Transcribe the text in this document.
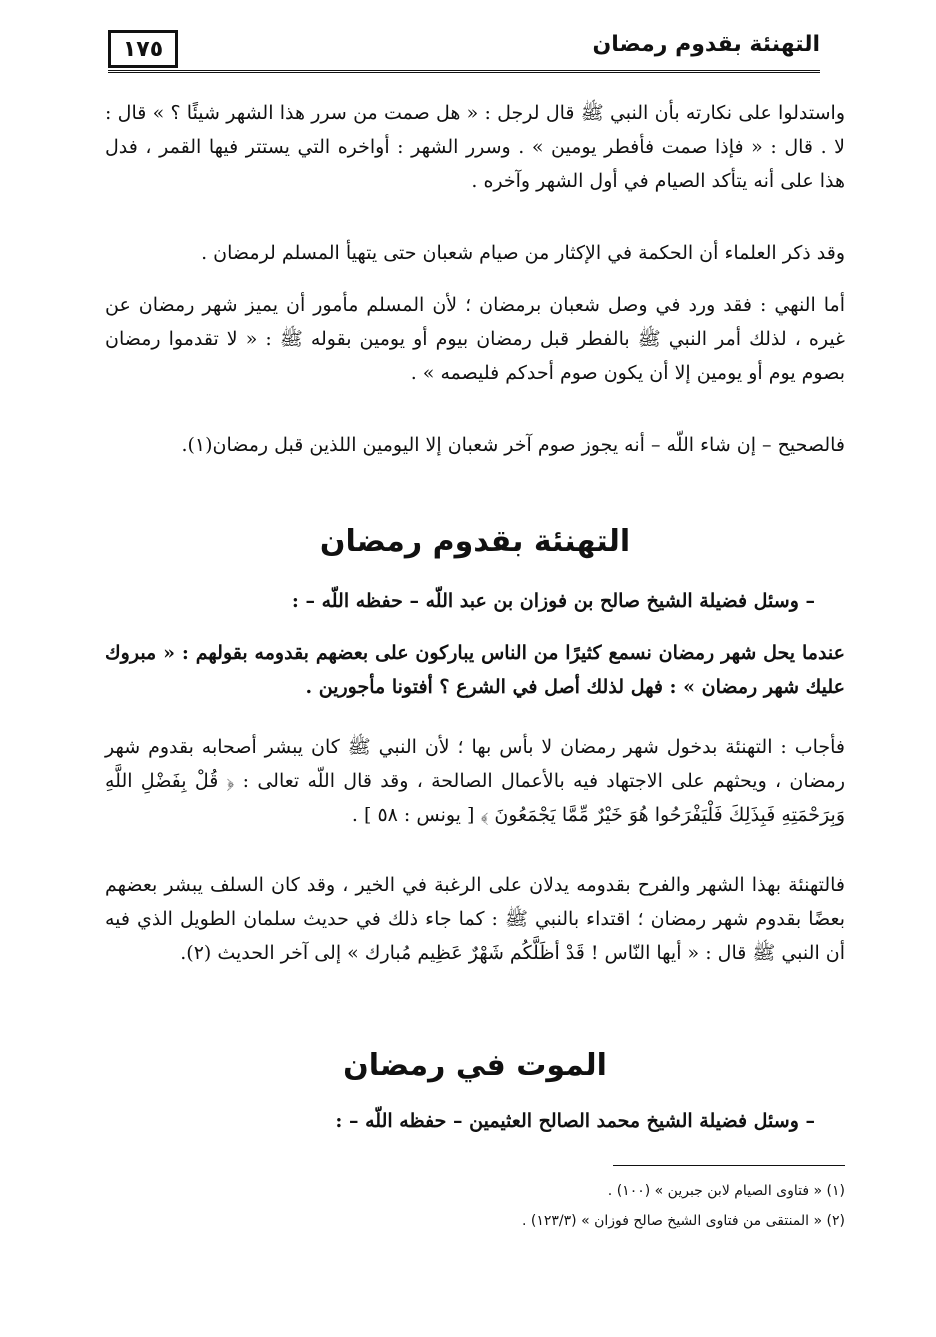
١٧٥	التهنئة بقدوم رمضان

واستدلوا على نكارته بأن النبي ﷺ قال لرجل : « هل صمت من سرر هذا الشهر شيئًا ؟ » قال : لا . قال : « فإذا صمت فأفطر يومين » . وسرر الشهر : أواخره التي يستتر فيها القمر ، فدل هذا على أنه يتأكد الصيام في أول الشهر وآخره .

وقد ذكر العلماء أن الحكمة في الإكثار من صيام شعبان حتى يتهيأ المسلم لرمضان .

أما النهي : فقد ورد في وصل شعبان برمضان ؛ لأن المسلم مأمور أن يميز شهر رمضان عن غيره ، لذلك أمر النبي ﷺ بالفطر قبل رمضان بيوم أو يومين بقوله ﷺ : « لا تقدموا رمضان بصوم يوم أو يومين إلا أن يكون صوم أحدكم فليصمه » .

فالصحيح – إن شاء اللّه – أنه يجوز صوم آخر شعبان إلا اليومين اللذين قبل رمضان(١).

التهنئة بقدوم رمضان
– وسئل فضيلة الشيخ صالح بن فوزان بن عبد اللّه – حفظه اللّه – :

عندما يحل شهر رمضان نسمع كثيرًا من الناس يباركون على بعضهم بقدومه بقولهم : « مبروك عليك شهر رمضان » : فهل لذلك أصل في الشرع ؟ أفتونا مأجورين .

فأجاب : التهنئة بدخول شهر رمضان لا بأس بها ؛ لأن النبي ﷺ كان يبشر أصحابه بقدوم شهر رمضان ، ويحثهم على الاجتهاد فيه بالأعمال الصالحة ، وقد قال اللّه تعالى : ﴿ قُلْ بِفَضْلِ اللَّهِ وَبِرَحْمَتِهِ فَبِذَلِكَ فَلْيَفْرَحُوا هُوَ خَيْرٌ مِّمَّا يَجْمَعُونَ ﴾ [ يونس : ٥٨ ] .

فالتهنئة بهذا الشهر والفرح بقدومه يدلان على الرغبة في الخير ، وقد كان السلف يبشر بعضهم بعضًا بقدوم شهر رمضان ؛ اقتداء بالنبي ﷺ : كما جاء ذلك في حديث سلمان الطويل الذي فيه أن النبي ﷺ قال : « أيها النّاس ! قَدْ أظَلَّكُم شَهْرٌ عَظِيم مُبارك » إلى آخر الحديث (٢).

الموت في رمضان
– وسئل فضيلة الشيخ محمد الصالح العثيمين – حفظه اللّه – :
(١) « فتاوى الصيام لابن جبرين » (١٠٠) .
(٢) « المنتقى من فتاوى الشيخ صالح فوزان » (١٢٣/٣) .
